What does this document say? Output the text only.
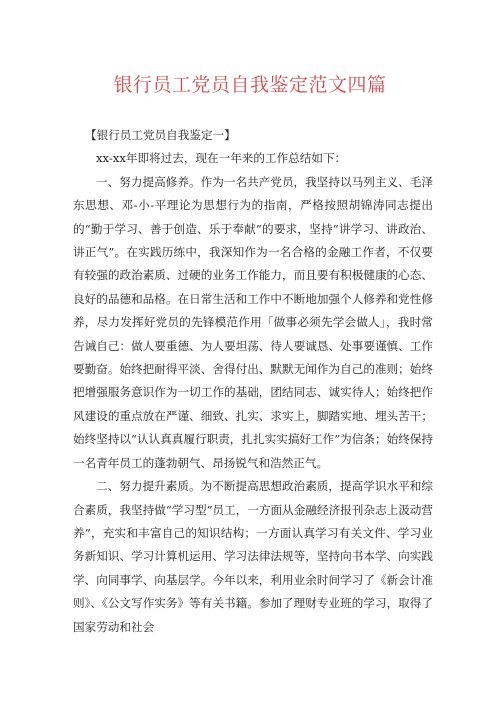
银行员工党员自我鉴定范文四篇

【银行员工党员自我鉴定一】

xx-xx年即将过去，现在一年来的工作总结如下：

一、努力提高修养。作为一名共产党员，我坚持以马列主义、毛泽东思想、邓-小-平理论为思想行为的指南，严格按照胡锦涛同志提出的“勤于学习、善于创造、乐于奉献”的要求，坚持“讲学习、讲政治、讲正气”。在实践历练中，我深知作为一名合格的金融工作者，不仅要有较强的政治素质、过硬的业务工作能力，而且要有积极健康的心态、良好的品德和品格。在日常生活和工作中不断地加强个人修养和党性修养，尽力发挥好党员的先锋模范作用「做事必须先学会做人」，我时常告诫自己：做人要重德、为人要坦荡、待人要诚恳、处事要谨慎、工作要勤奋。始终把耐得平淡、舍得付出、默默无闻作为自己的准则；始终把增强服务意识作为一切工作的基础，团结同志、诚实待人；始终把作风建设的重点放在严谨、细致、扎实、求实上，脚踏实地、埋头苦干；始终坚持以“认认真真履行职责，扎扎实实搞好工作”为信条；始终保持一名青年员工的蓬勃朝气、昂扬锐气和浩然正气。

二、努力提升素质。为不断提高思想政治素质，提高学识水平和综合素质，我坚持做“学习型”员工，一方面从金融经济报刊杂志上汲动营养”，充实和丰富自己的知识结构；一方面认真学习有关文件、学习业务新知识、学习计算机运用、学习法律法规等，坚持向书本学、向实践学、向同事学、向基层学。今年以来，利用业余时间学习了《新会计准则》、《公文写作实务》等有关书籍。参加了理财专业班的学习，取得了国家劳动和社会
